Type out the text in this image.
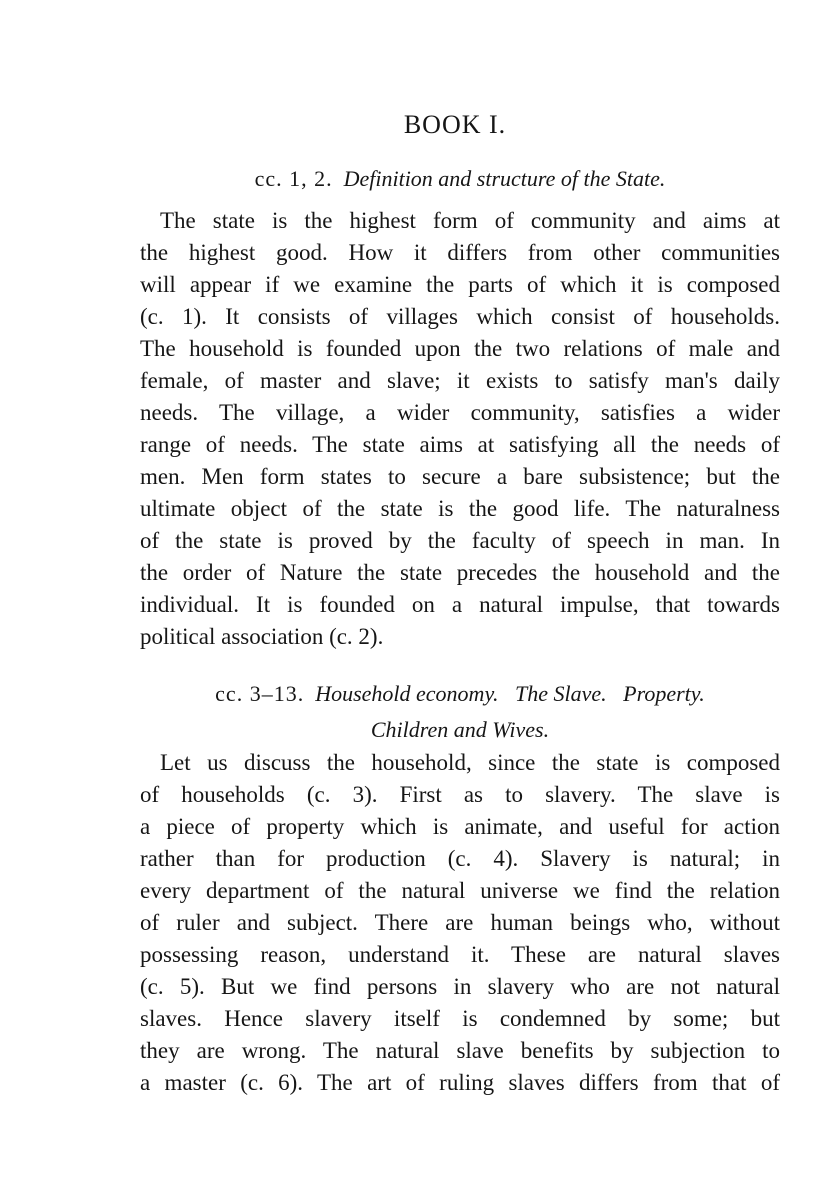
BOOK I.
cc. 1, 2. Definition and structure of the State.
The state is the highest form of community and aims at
the highest good. How it differs from other communities
will appear if we examine the parts of which it is composed
(c. 1). It consists of villages which consist of households.
The household is founded upon the two relations of male and
female, of master and slave; it exists to satisfy man's daily
needs. The village, a wider community, satisfies a wider
range of needs. The state aims at satisfying all the needs of
men. Men form states to secure a bare subsistence; but the
ultimate object of the state is the good life. The naturalness
of the state is proved by the faculty of speech in man. In
the order of Nature the state precedes the household and the
individual. It is founded on a natural impulse, that towards
political association (c. 2).
cc. 3–13. Household economy.   The Slave.   Property.
Children and Wives.
Let us discuss the household, since the state is composed
of households (c. 3). First as to slavery. The slave is
a piece of property which is animate, and useful for action
rather than for production (c. 4). Slavery is natural; in
every department of the natural universe we find the relation
of ruler and subject. There are human beings who, without
possessing reason, understand it. These are natural slaves
(c. 5). But we find persons in slavery who are not natural
slaves. Hence slavery itself is condemned by some; but
they are wrong. The natural slave benefits by subjection to
a master (c. 6). The art of ruling slaves differs from that of
